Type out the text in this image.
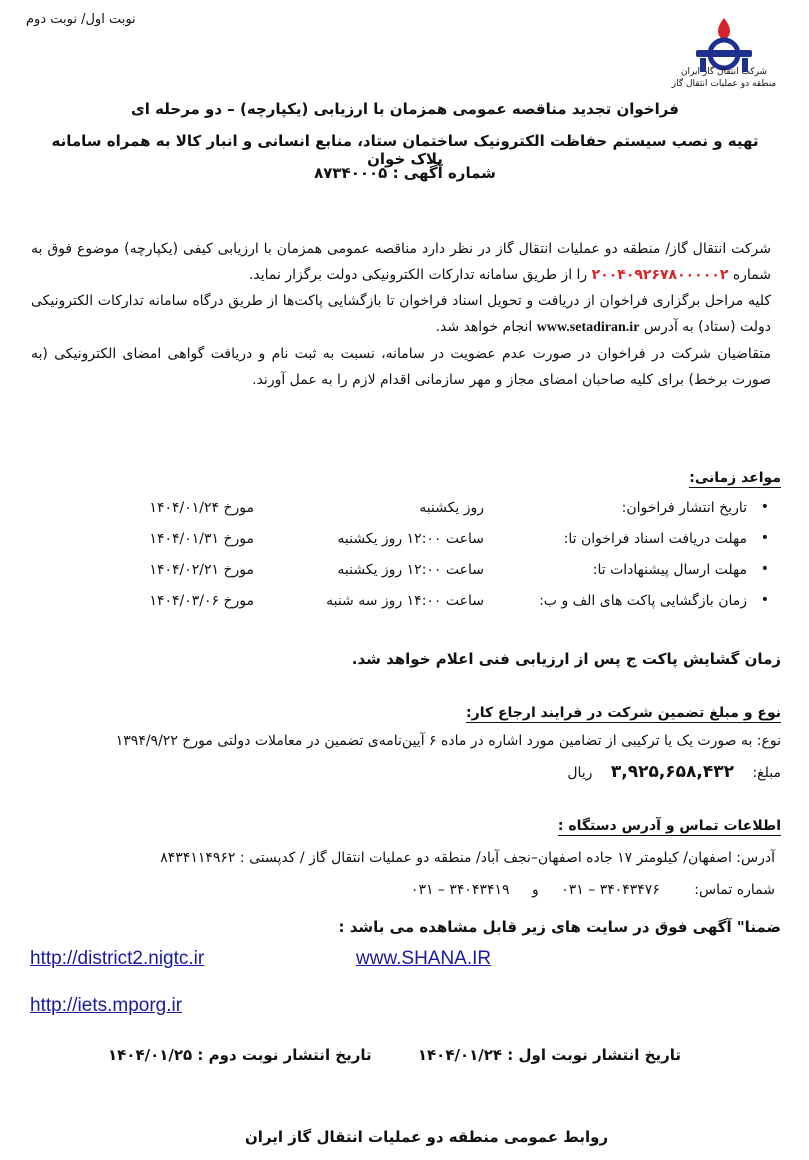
نوبت اول/ نوبت دوم
شرکت انتقال گاز ایران
منطقه دو عملیات انتقال گاز
فراخوان تجدید مناقصه عمومی همزمان با ارزیابی (یکپارچه) – دو مرحله ای
تهیه و نصب سیستم حفاظت الکترونیک ساختمان ستاد، منابع انسانی و انبار کالا به همراه سامانه پلاک خوان
شماره آگهی : ۸۷۳۴۰۰۰۵
شرکت انتقال گاز/ منطقه دو عملیات انتقال گاز در نظر دارد مناقصه عمومی همزمان با ارزیابی کیفی (یکپارچه) موضوع فوق به شماره ۲۰۰۴۰۹۲۶۷۸۰۰۰۰۰۲ را از طریق سامانه تدارکات الکترونیکی دولت برگزار نماید.
کلیه مراحل برگزاری فراخوان از دریافت و تحویل اسناد فراخوان تا بازگشایی پاکت‌ها از طریق درگاه سامانه تدارکات الکترونیکی دولت (ستاد) به آدرس www.setadiran.ir انجام خواهد شد.
متقاضیان شرکت در فراخوان در صورت عدم عضویت در سامانه، نسبت به ثبت نام و دریافت گواهی امضای الکترونیکی (به صورت برخط) برای کلیه صاحبان امضای مجاز و مهر سازمانی اقدام لازم را به عمل آورند.
مواعد زمانی:
•
تاریخ انتشار فراخوان:
روز یکشنبه
مورخ ۱۴۰۴/۰۱/۲۴
•
مهلت دریافت اسناد فراخوان تا:
ساعت ۱۲:۰۰ روز یکشنبه
مورخ ۱۴۰۴/۰۱/۳۱
•
مهلت ارسال پیشنهادات تا:
ساعت ۱۲:۰۰ روز یکشنبه
مورخ ۱۴۰۴/۰۲/۲۱
•
زمان بازگشایی پاکت های الف و ب:
ساعت ۱۴:۰۰ روز سه شنبه
مورخ ۱۴۰۴/۰۳/۰۶
زمان گشایش پاکت ج پس از ارزیابی فنی اعلام خواهد شد.
نوع و مبلغ تضمین شرکت در فرایند ارجاع کار:
نوع: به صورت یک یا ترکیبی از تضامین مورد اشاره در ماده ۶ آیین‌نامه‌ی تضمین در معاملات دولتی مورخ ۱۳۹۴/۹/۲۲
مبلغ: ۳,۹۲۵,۶۵۸,۴۳۲ ریال
اطلاعات تماس و آدرس دستگاه :
آدرس: اصفهان/ کیلومتر ۱۷ جاده اصفهان–نجف آباد/ منطقه دو عملیات انتقال گاز / کدپستی : ۸۴۳۴۱۱۴۹۶۲
شماره تماس: ۳۴۰۴۳۴۷۶ – ۰۳۱ و ۳۴۰۴۳۴۱۹ – ۰۳۱
ضمنا" آگهی فوق در سایت های زیر قابل مشاهده می باشد :
http://district2.nigtc.ir	www.SHANA.IR
http://iets.mporg.ir
تاریخ انتشار نوبت اول : ۱۴۰۴/۰۱/۲۴
تاریخ انتشار نوبت دوم : ۱۴۰۴/۰۱/۲۵
روابط عمومی منطقه دو عملیات انتقال گاز ایران
